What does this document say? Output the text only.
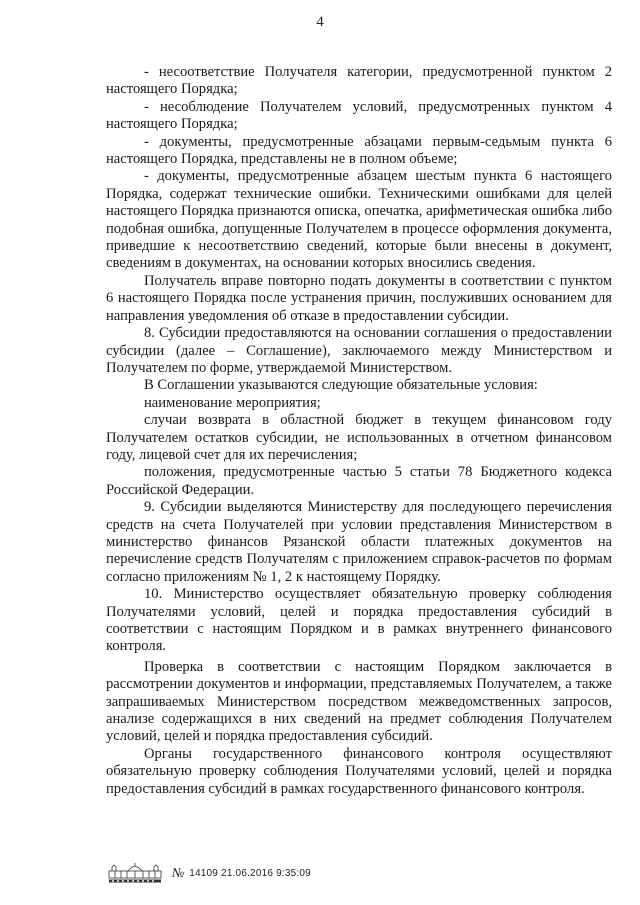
4

- несоответствие Получателя категории, предусмотренной пунктом 2 настоящего Порядка;

- несоблюдение Получателем условий, предусмотренных пунктом 4 настоящего Порядка;

- документы, предусмотренные абзацами первым-седьмым пункта 6 настоящего Порядка, представлены не в полном объеме;

- документы, предусмотренные абзацем шестым пункта 6 настоящего Порядка, содержат технические ошибки. Техническими ошибками для целей настоящего Порядка признаются описка, опечатка, арифметическая ошибка либо подобная ошибка, допущенные Получателем в процессе оформления документа, приведшие к несоответствию сведений, которые были внесены в документ, сведениям в документах, на основании которых вносились сведения.

Получатель вправе повторно подать документы в соответствии с пунктом 6 настоящего Порядка после устранения причин, послуживших основанием для направления уведомления об отказе в предоставлении субсидии.

8. Субсидии предоставляются на основании соглашения о предоставлении субсидии (далее – Соглашение), заключаемого между Министерством и Получателем по форме, утверждаемой Министерством.

В Соглашении указываются следующие обязательные условия:

наименование мероприятия;

случаи возврата в областной бюджет в текущем финансовом году Получателем остатков субсидии, не использованных в отчетном финансовом году, лицевой счет для их перечисления;

положения, предусмотренные частью 5 статьи 78 Бюджетного кодекса Российской Федерации.

9. Субсидии выделяются Министерству для последующего перечисления средств на счета Получателей при условии представления Министерством в министерство финансов Рязанской области платежных документов на перечисление средств Получателям с приложением справок-расчетов по формам согласно приложениям № 1, 2 к настоящему Порядку.

10. Министерство осуществляет обязательную проверку соблюдения Получателями условий, целей и порядка предоставления субсидий в соответствии с настоящим Порядком и в рамках внутреннего финансового контроля.

Проверка в соответствии с настоящим Порядком заключается в рассмотрении документов и информации, представляемых Получателем, а также запрашиваемых Министерством посредством межведомственных запросов, анализе содержащихся в них сведений на предмет соблюдения Получателем условий, целей и порядка предоставления субсидий.

Органы государственного финансового контроля осуществляют обязательную проверку соблюдения Получателями условий, целей и порядка предоставления субсидий в рамках государственного финансового контроля.

№ 14109 21.06.2016 9:35:09
